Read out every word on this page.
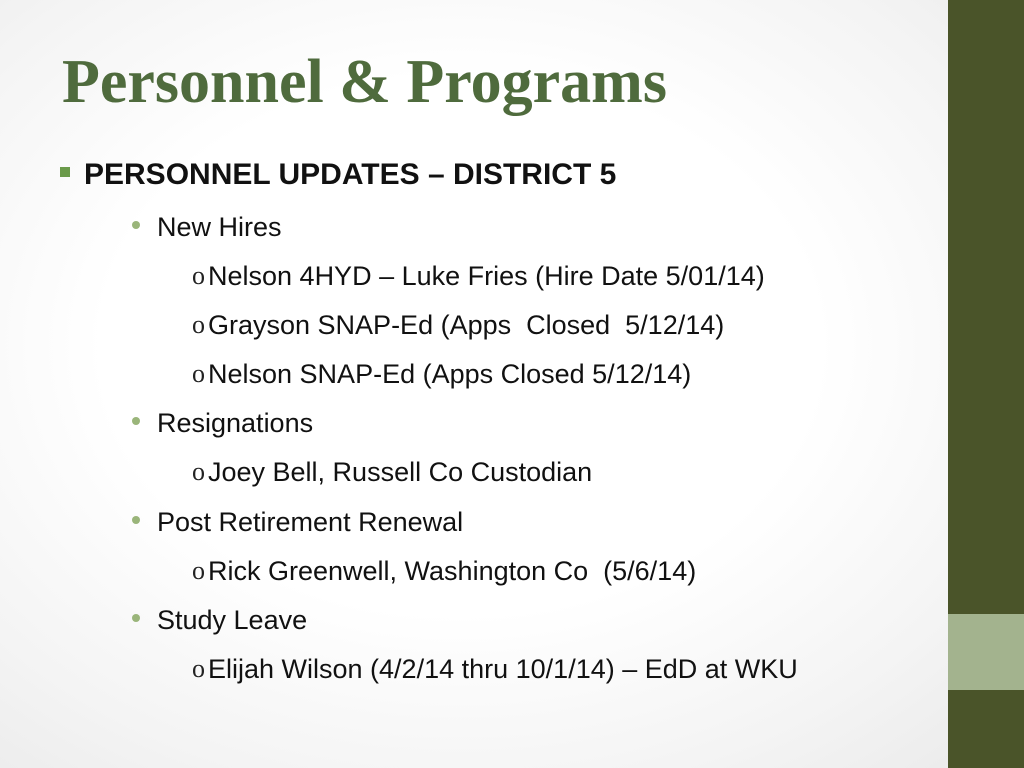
Personnel & Programs
PERSONNEL UPDATES – DISTRICT 5
New Hires
o Nelson 4HYD – Luke Fries (Hire Date 5/01/14)
o Grayson SNAP-Ed (Apps  Closed  5/12/14)
o Nelson SNAP-Ed (Apps Closed 5/12/14)
Resignations
o Joey Bell, Russell Co Custodian
Post Retirement Renewal
o Rick Greenwell, Washington Co  (5/6/14)
Study Leave
o Elijah Wilson (4/2/14 thru 10/1/14) – EdD at WKU
